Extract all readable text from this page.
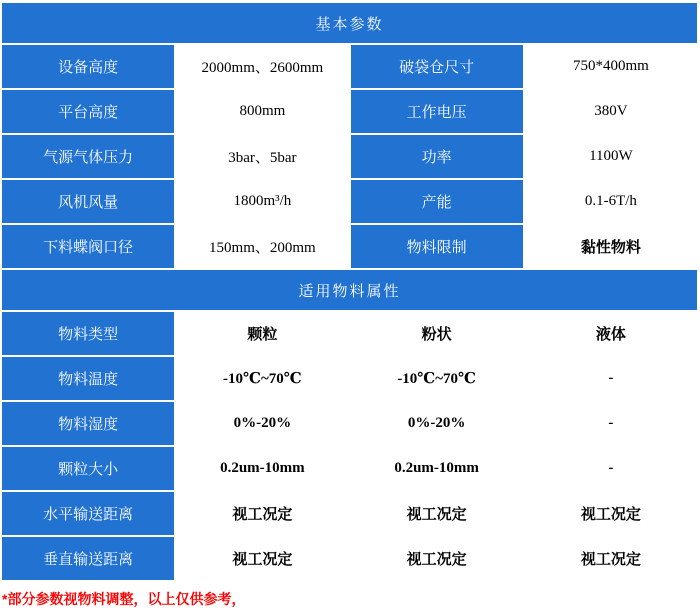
基本参数
设备高度	2000mm、2600mm	破袋仓尺寸	750*400mm
平台高度	800mm	工作电压	380V
气源气体压力	3bar、5bar	功率	1100W
风机风量	1800m³/h	产能	0.1-6T/h
下料蝶阀口径	150mm、200mm	物料限制	黏性物料
适用物料属性
物料类型	颗粒	粉状	液体
物料温度	-10℃~70℃	-10℃~70℃	-
物料湿度	0%-20%	0%-20%	-
颗粒大小	0.2um-10mm	0.2um-10mm	-
水平输送距离	视工况定	视工况定	视工况定
垂直输送距离	视工况定	视工况定	视工况定
*部分参数视物料调整，以上仅供参考，
